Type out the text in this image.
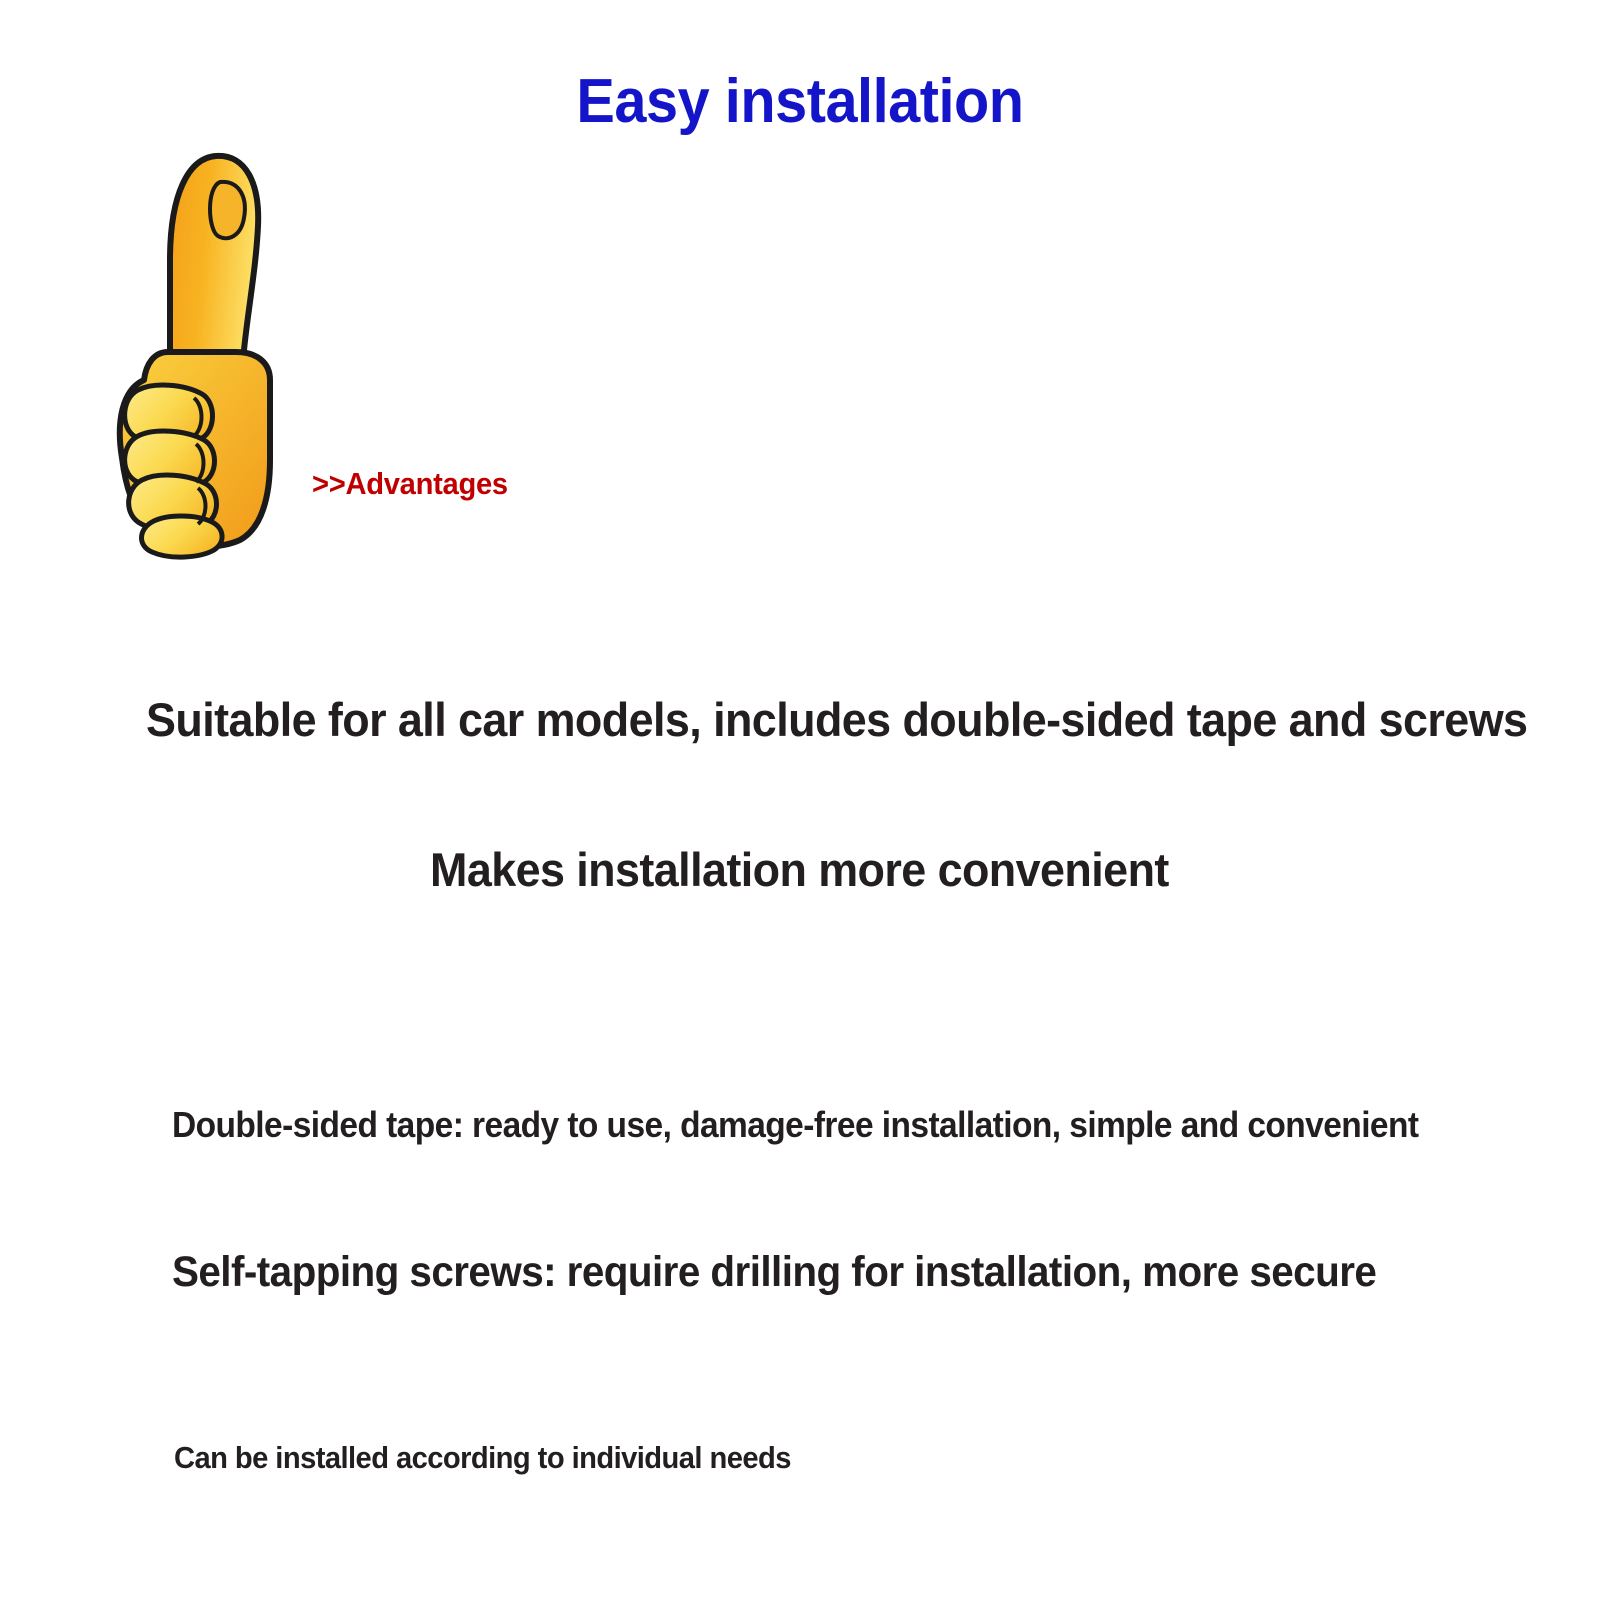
Easy installation
>>Advantages
Suitable for all car models, includes double-sided tape and screws
Makes installation more convenient
Double-sided tape: ready to use, damage-free installation, simple and convenient
Self-tapping screws: require drilling for installation, more secure
Can be installed according to individual needs
